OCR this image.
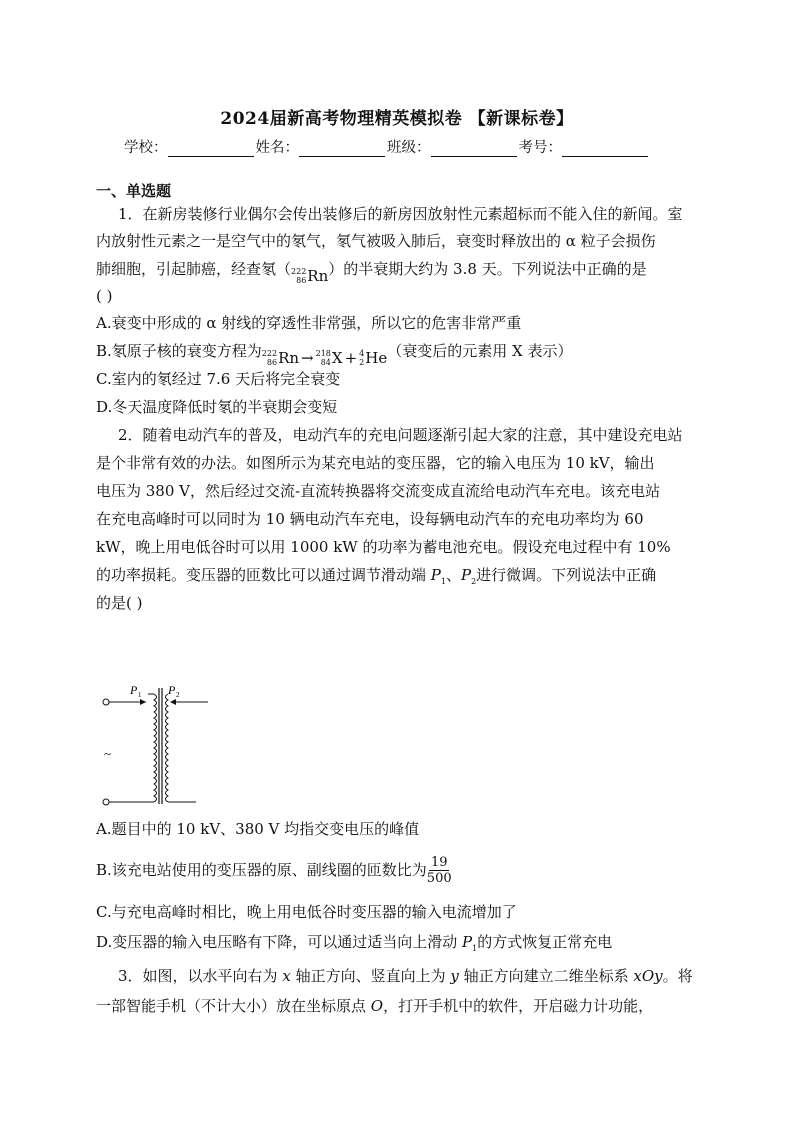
2024届新高考物理精英模拟卷 【新课标卷】
学校：	姓名：	班级：	考号：
一、单选题
1．在新房装修行业偶尔会传出装修后的新房因放射性元素超标而不能入住的新闻。室
内放射性元素之一是空气中的氡气，氡气被吸入肺后，衰变时释放出的 α 粒子会损伤
肺细胞，引起肺癌，经查氡（ 222
86 Rn ）的半衰期大约为 3.8 天。下列说法中正确的是
( )
A.衰变中形成的 α 射线的穿透性非常强，所以它的危害非常严重
B.氡原子核的衰变方程为 222
86 Rn → 218
84 X + 4
2 He （衰变后的元素用 X 表示）
C.室内的氡经过 7.6 天后将完全衰变
D.冬天温度降低时氡的半衰期会变短
2．随着电动汽车的普及，电动汽车的充电问题逐渐引起大家的注意，其中建设充电站
是个非常有效的办法。如图所示为某充电站的变压器，它的输入电压为 10 kV，输出
电压为 380 V，然后经过交流-直流转换器将交流变成直流给电动汽车充电。该充电站
在充电高峰时可以同时为 10 辆电动汽车充电，设每辆电动汽车的充电功率均为 60
kW，晚上用电低谷时可以用 1000 kW 的功率为蓄电池充电。假设充电过程中有 10%
的功率损耗。变压器的匝数比可以通过调节滑动端 $P_1$、$P_2$进行微调。下列说法中正确
的是( )
P 1 P 2
~
A.题目中的 10 kV、380 V 均指交变电压的峰值
B.该充电站使用的变压器的原、副线圈的匝数比为 $\frac{19}{500}$
C.与充电高峰时相比，晚上用电低谷时变压器的输入电流增加了
D.变压器的输入电压略有下降，可以通过适当向上滑动 $P_1$的方式恢复正常充电
3．如图，以水平向右为 x 轴正方向、竖直向上为 y 轴正方向建立二维坐标系 xOy。将
一部智能手机（不计大小）放在坐标原点 O，打开手机中的软件，开启磁力计功能，
